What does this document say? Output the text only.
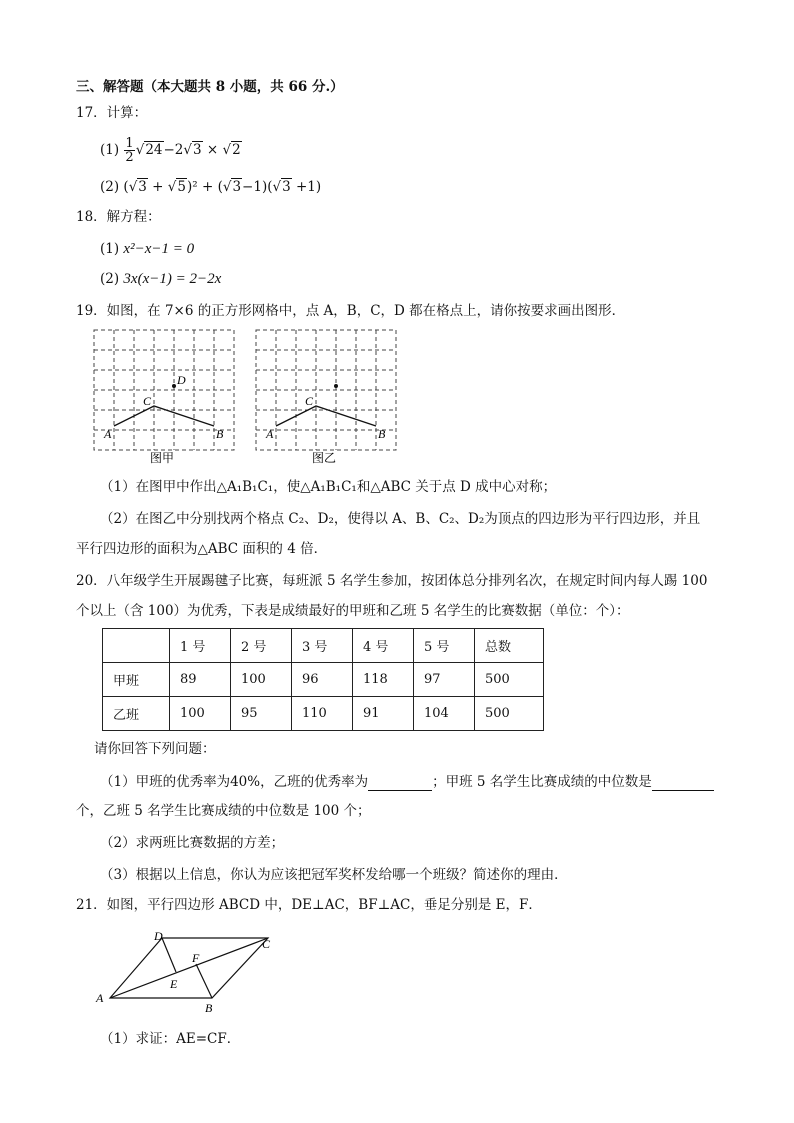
三、解答题（本大题共 8 小题，共 66 分.）
17．计算：
$(1) \frac{1}{2}$ √ 24−2 √ 3 × √ 2
(2) ( √ 3 + √ 5)² + ( √ 3−1)( √ 3 +1)
18．解方程：
(1) x²−x−1 = 0
(2) 3x(x−1) = 2−2x
19．如图，在 7×6 的正方形网格中，点 A，B，C，D 都在格点上，请你按要求画出图形．
A	B
C
D
图甲
A	B
C
图乙
（1）在图甲中作出△A₁B₁C₁，使△A₁B₁C₁和△ABC 关于点 D 成中心对称；
（2）在图乙中分别找两个格点 C₂、D₂，使得以 A、B、C₂、D₂为顶点的四边形为平行四边形，并且
平行四边形的面积为△ABC 面积的 4 倍．
20．八年级学生开展踢毽子比赛，每班派 5 名学生参加，按团体总分排列名次，在规定时间内每人踢 100
个以上（含 100）为优秀，下表是成绩最好的甲班和乙班 5 名学生的比赛数据（单位：个）：
	1 号	2 号	3 号	4 号	5 号	总数
甲班	89	100	96	118	97	500
乙班	100	95	110	91	104	500
请你回答下列问题：
（1）甲班的优秀率为40%，乙班的优秀率为	；甲班 5 名学生比赛成绩的中位数是
个，乙班 5 名学生比赛成绩的中位数是 100 个；
（2）求两班比赛数据的方差；
（3）根据以上信息，你认为应该把冠军奖杯发给哪一个班级？简述你的理由．
21．如图，平行四边形 ABCD 中，DE⊥AC，BF⊥AC，垂足分别是 E，F．
A
B
C
D
E
F
（1）求证：AE=CF．
